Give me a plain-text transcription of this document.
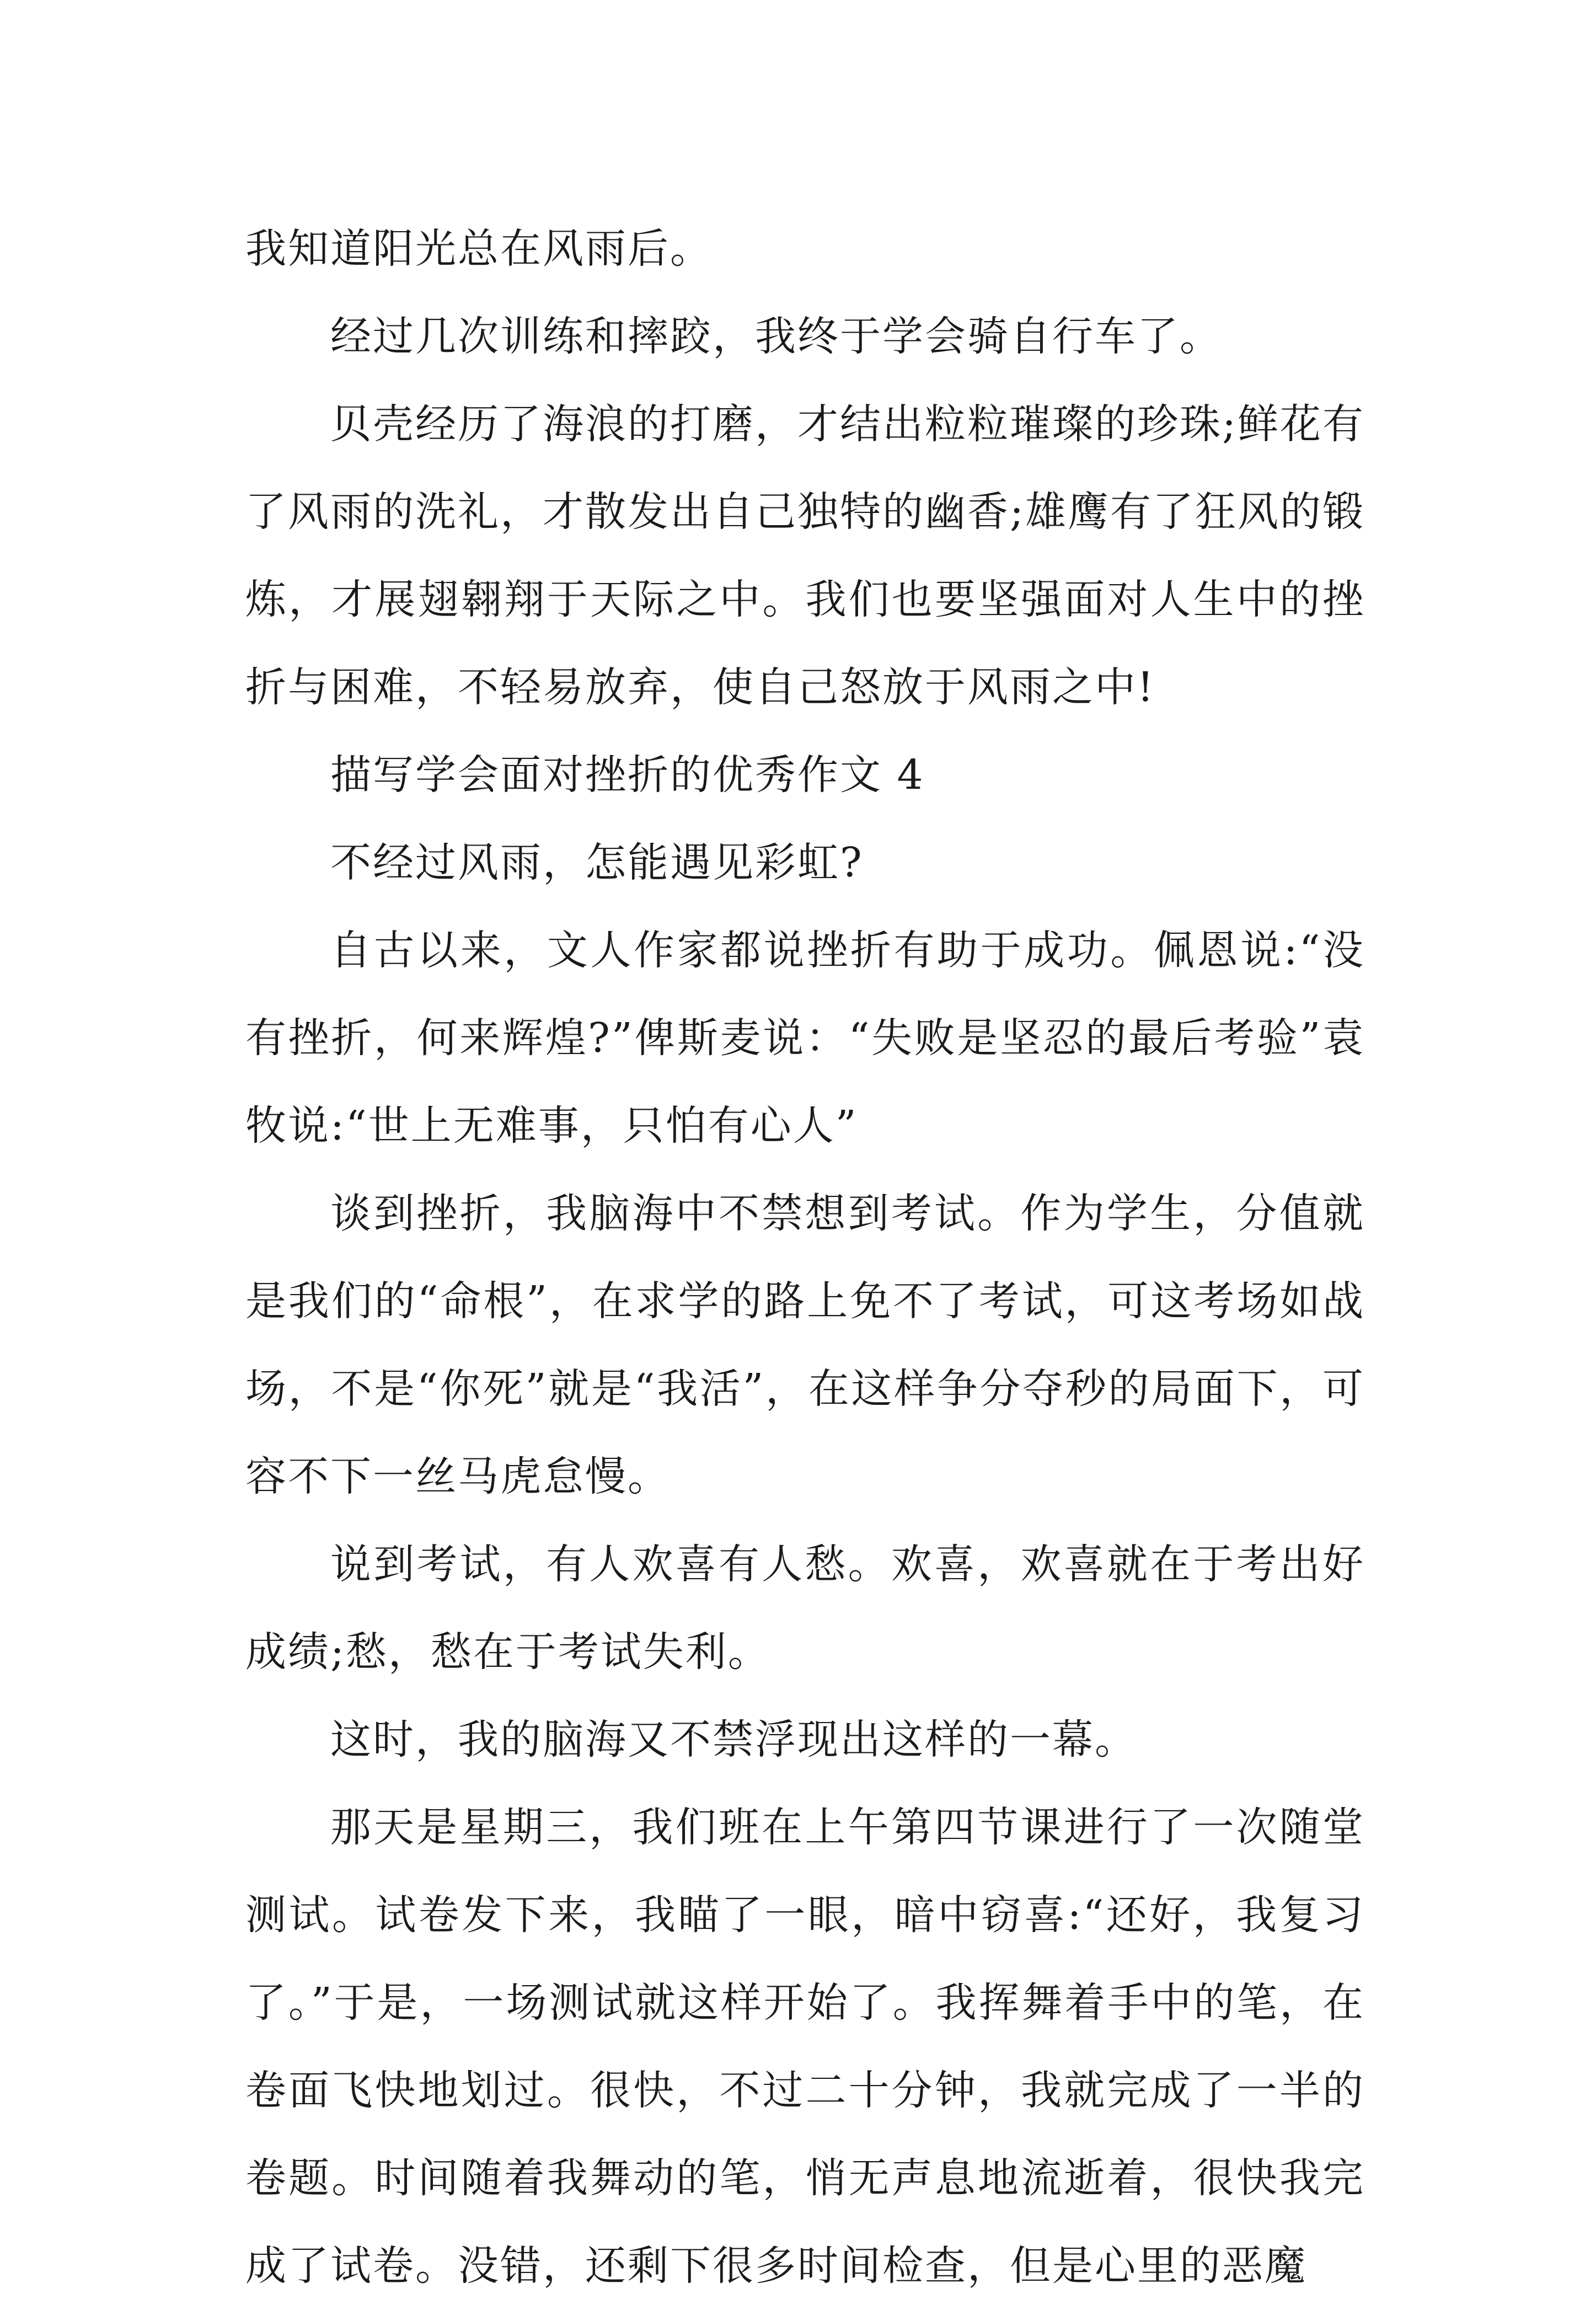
我知道阳光总在风雨后。

经过几次训练和摔跤，我终于学会骑自行车了。

贝壳经历了海浪的打磨，才结出粒粒璀璨的珍珠;鲜花有了风雨的洗礼，才散发出自己独特的幽香;雄鹰有了狂风的锻炼，才展翅翱翔于天际之中。我们也要坚强面对人生中的挫折与困难，不轻易放弃，使自己怒放于风雨之中!

描写学会面对挫折的优秀作文 4

不经过风雨，怎能遇见彩虹?

自古以来，文人作家都说挫折有助于成功。佩恩说:“没有挫折，何来辉煌?”俾斯麦说：“失败是坚忍的最后考验”袁牧说:“世上无难事，只怕有心人”

谈到挫折，我脑海中不禁想到考试。作为学生，分值就是我们的“命根”，在求学的路上免不了考试，可这考场如战场，不是“你死”就是“我活”，在这样争分夺秒的局面下，可容不下一丝马虎怠慢。

说到考试，有人欢喜有人愁。欢喜，欢喜就在于考出好成绩;愁，愁在于考试失利。

这时，我的脑海又不禁浮现出这样的一幕。

那天是星期三，我们班在上午第四节课进行了一次随堂测试。试卷发下来，我瞄了一眼，暗中窃喜:“还好，我复习了。”于是，一场测试就这样开始了。我挥舞着手中的笔，在卷面飞快地划过。很快，不过二十分钟，我就完成了一半的卷题。时间随着我舞动的笔，悄无声息地流逝着，很快我完成了试卷。没错，还剩下很多时间检查，但是心里的恶魔
